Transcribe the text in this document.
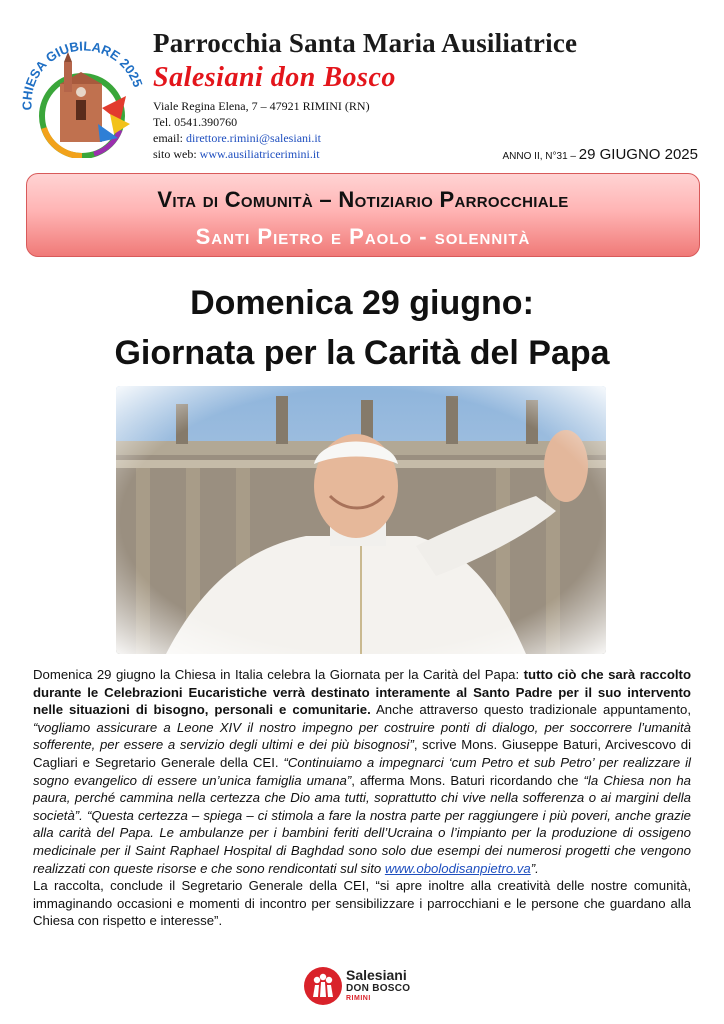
CHIESA GIUBILARE 2025
Parrocchia Santa Maria Ausiliatrice
Salesiani don Bosco
Viale Regina Elena, 7 – 47921 RIMINI (RN)
Tel. 0541.390760
email: direttore.rimini@salesiani.it
sito web: www.ausiliatricerimini.it	ANNO II, N°31 – 29 GIUGNO 2025
Vita di Comunità – Notiziario Parrocchiale
Santi Pietro e Paolo - solennità
Domenica 29 giugno:
Giornata per la Carità del Papa

Domenica 29 giugno la Chiesa in Italia celebra la Giornata per la Carità del Papa: tutto ciò che sarà raccolto durante le Celebrazioni Eucaristiche verrà destinato interamente al Santo Padre per il suo intervento nelle situazioni di bisogno, personali e comunitarie. Anche attraverso questo tradizionale appuntamento, “vogliamo assicurare a Leone XIV il nostro impegno per costruire ponti di dialogo, per soccorrere l’umanità sofferente, per essere a servizio degli ultimi e dei più bisognosi”, scrive Mons. Giuseppe Baturi, Arcivescovo di Cagliari e Segretario Generale della CEI. “Continuiamo a impegnarci ‘cum Petro et sub Petro’ per realizzare il sogno evangelico di essere un’unica famiglia umana”, afferma Mons. Baturi ricordando che “la Chiesa non ha paura, perché cammina nella certezza che Dio ama tutti, soprattutto chi vive nella sofferenza o ai margini della società”. “Questa certezza – spiega – ci stimola a fare la nostra parte per raggiungere i più poveri, anche grazie alla carità del Papa. Le ambulanze per i bambini feriti dell’Ucraina o l’impianto per la produzione di ossigeno medicinale per il Saint Raphael Hospital di Baghdad sono solo due esempi dei numerosi progetti che vengono realizzati con queste risorse e che sono rendicontati sul sito www.obolodisanpietro.va”.

La raccolta, conclude il Segretario Generale della CEI, “si apre inoltre alla creatività delle nostre comunità, immaginando occasioni e momenti di incontro per sensibilizzare i parrocchiani e le persone che guardano alla Chiesa con rispetto e interesse”.

Salesiani
DON BOSCO
RIMINI
